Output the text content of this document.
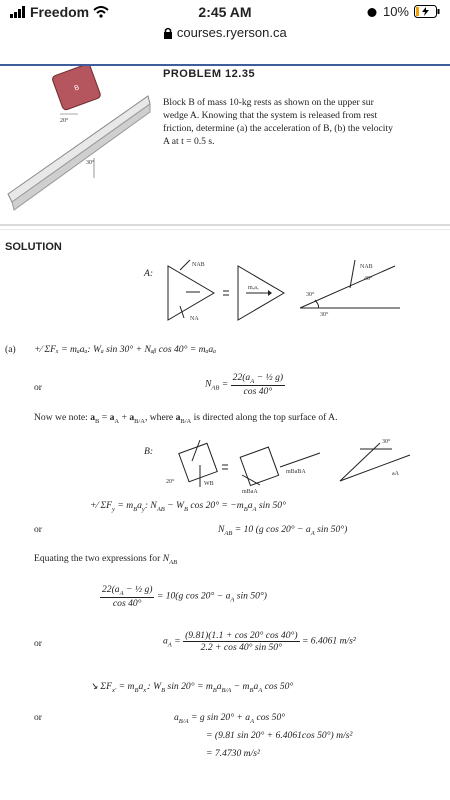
Freedom	2:45 AM	10%
courses.ryerson.ca
PROBLEM 12.35
B
20°
30°
Block B of mass 10-kg rests as shown on the upper sur
wedge A. Knowing that the system is released from rest
friction, determine (a) the acceleration of B, (b) the velocity
A at t = 0.5 s.
SOLUTION
A:
NAB
NA
mₐaₐ
30°
30°
NAB
40°
(a) +⁄ ΣFₓ = mₐaₐ: Wₐ sin 30° + Nₐᵦ cos 40° = mₐaₐ
or	$N_{AB} = \frac{22(a_A - \frac{1}{2} g)}{\cos 40^\circ}$
Now we note: $a_B = a_A + a_{B/A}$, where $a_{B/A}$ is directed along the top surface of A.
B:
20°	WB
mBaBA
mBaA
30°
aA
+⁄ $\Sigma F_y = m_Ba_y$: $N_{AB} - W_B$ $\cos 20^\circ = -m_Ba_A$ sin 50°
or	$N_{AB} = 10$ (g $\cos 20^\circ - a_A$ sin 50°)
Equating the two expressions for $N_{AB}$
$\frac{22(a_A - \frac{1}{2} g)}{\cos 40^\circ} = 10(g$ $\cos 20^\circ - a_A$ sin 50°)
or	$a_A = \frac{(9.81)(1.1 + \cos 20^\circ \cos 40^\circ)}{2.2 + \cos 40^\circ \sin 50^\circ} = 6.4061$ m/s²
↘ $\Sigma F_{x'} = m_Ba_{x'}$: $W_B$ $\sin 20^\circ = m_Ba_{B/A} - m_Ba_A$ cos 50°
or	$a_{B/A} = g$ $\sin 20^\circ + a_A$ cos 50°
= (9.81 sin 20° + 6.4061cos 50°) m/s²
= 7.4730 m/s²
